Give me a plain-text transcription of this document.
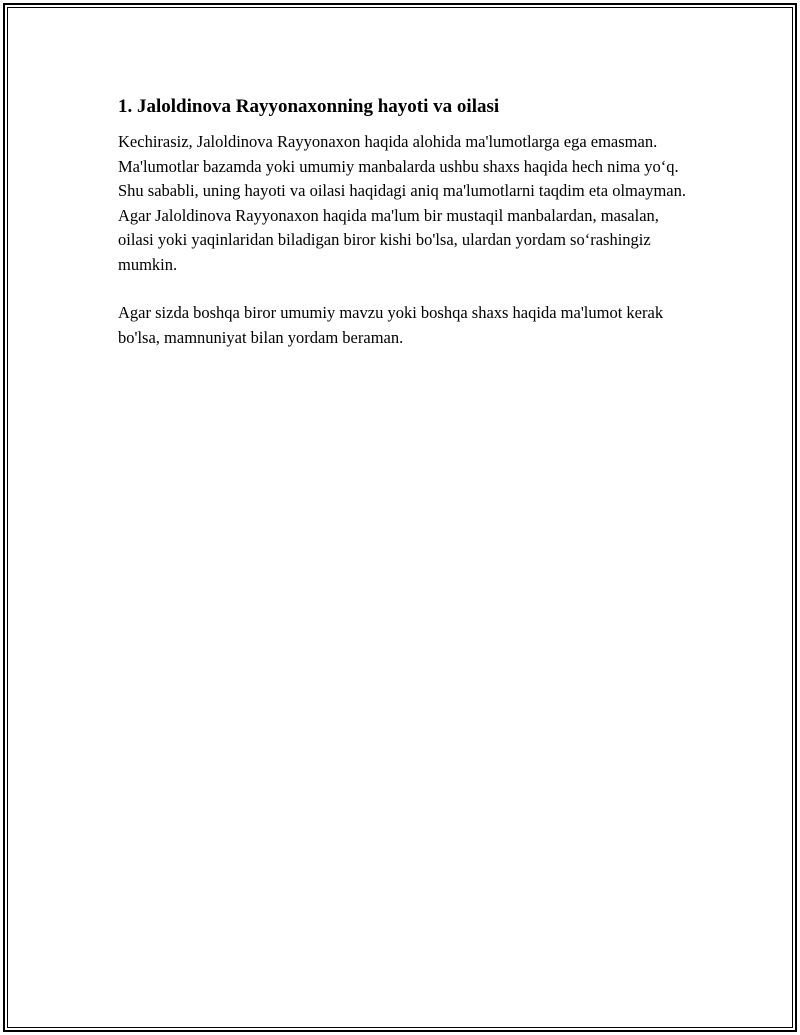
1. Jaloldinova Rayyonaxonning hayoti va oilasi

Kechirasiz, Jaloldinova Rayyonaxon haqida alohida ma'lumotlarga ega emasman. Ma'lumotlar bazamda yoki umumiy manbalarda ushbu shaxs haqida hech nima yoʻq. Shu sababli, uning hayoti va oilasi haqidagi aniq ma'lumotlarni taqdim eta olmayman. Agar Jaloldinova Rayyonaxon haqida ma'lum bir mustaqil manbalardan, masalan, oilasi yoki yaqinlaridan biladigan biror kishi bo'lsa, ulardan yordam soʻrashingiz mumkin.

Agar sizda boshqa biror umumiy mavzu yoki boshqa shaxs haqida ma'lumot kerak bo'lsa, mamnuniyat bilan yordam beraman.
